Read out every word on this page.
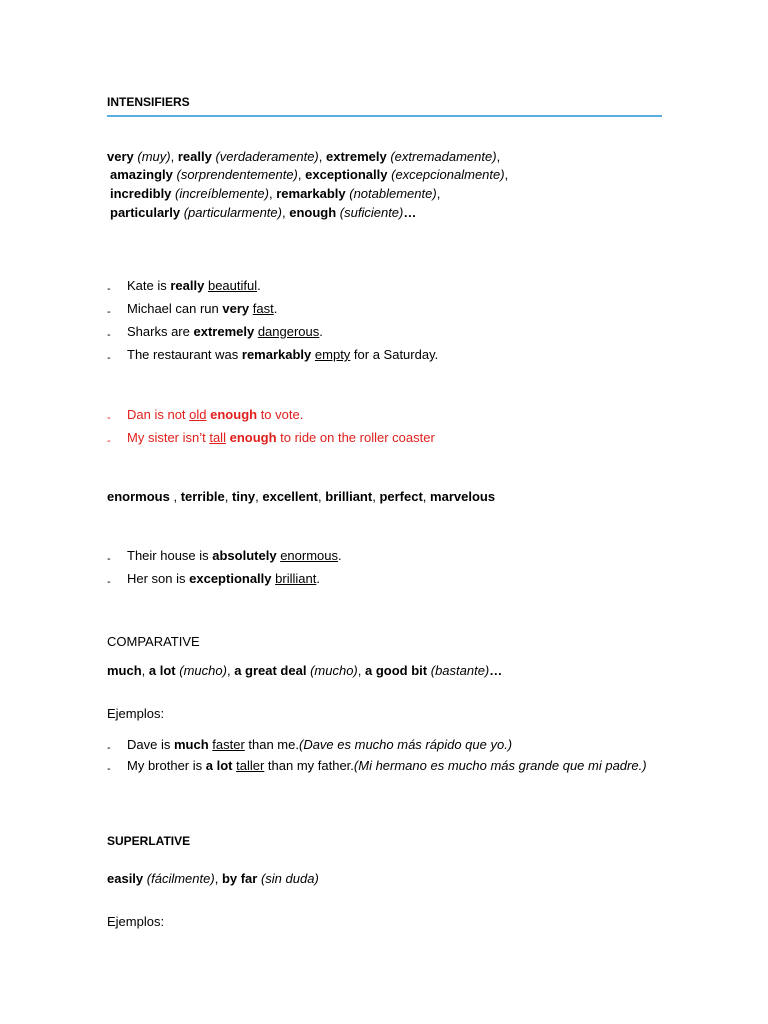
INTENSIFIERS
very (muy), really (verdaderamente), extremely (extremadamente),
amazingly (sorprendentemente), exceptionally (excepcionalmente),
incredibly (increíblemente), remarkably (notablemente),
particularly (particularmente), enough (suficiente)…
- Kate is really beautiful.
- Michael can run very fast.
- Sharks are extremely dangerous.
- The restaurant was remarkably empty for a Saturday.
- Dan is not old enough to vote.
- My sister isn’t tall enough to ride on the roller coaster
enormous , terrible, tiny, excellent, brilliant, perfect, marvelous
- Their house is absolutely enormous.
- Her son is exceptionally brilliant.
COMPARATIVE
much, a lot (mucho), a great deal (mucho), a good bit (bastante)…
Ejemplos:
- Dave is much faster than me.(Dave es mucho más rápido que yo.)
- My brother is a lot taller than my father.(Mi hermano es mucho más grande que mi padre.)
SUPERLATIVE
easily (fácilmente), by far (sin duda)
Ejemplos:
